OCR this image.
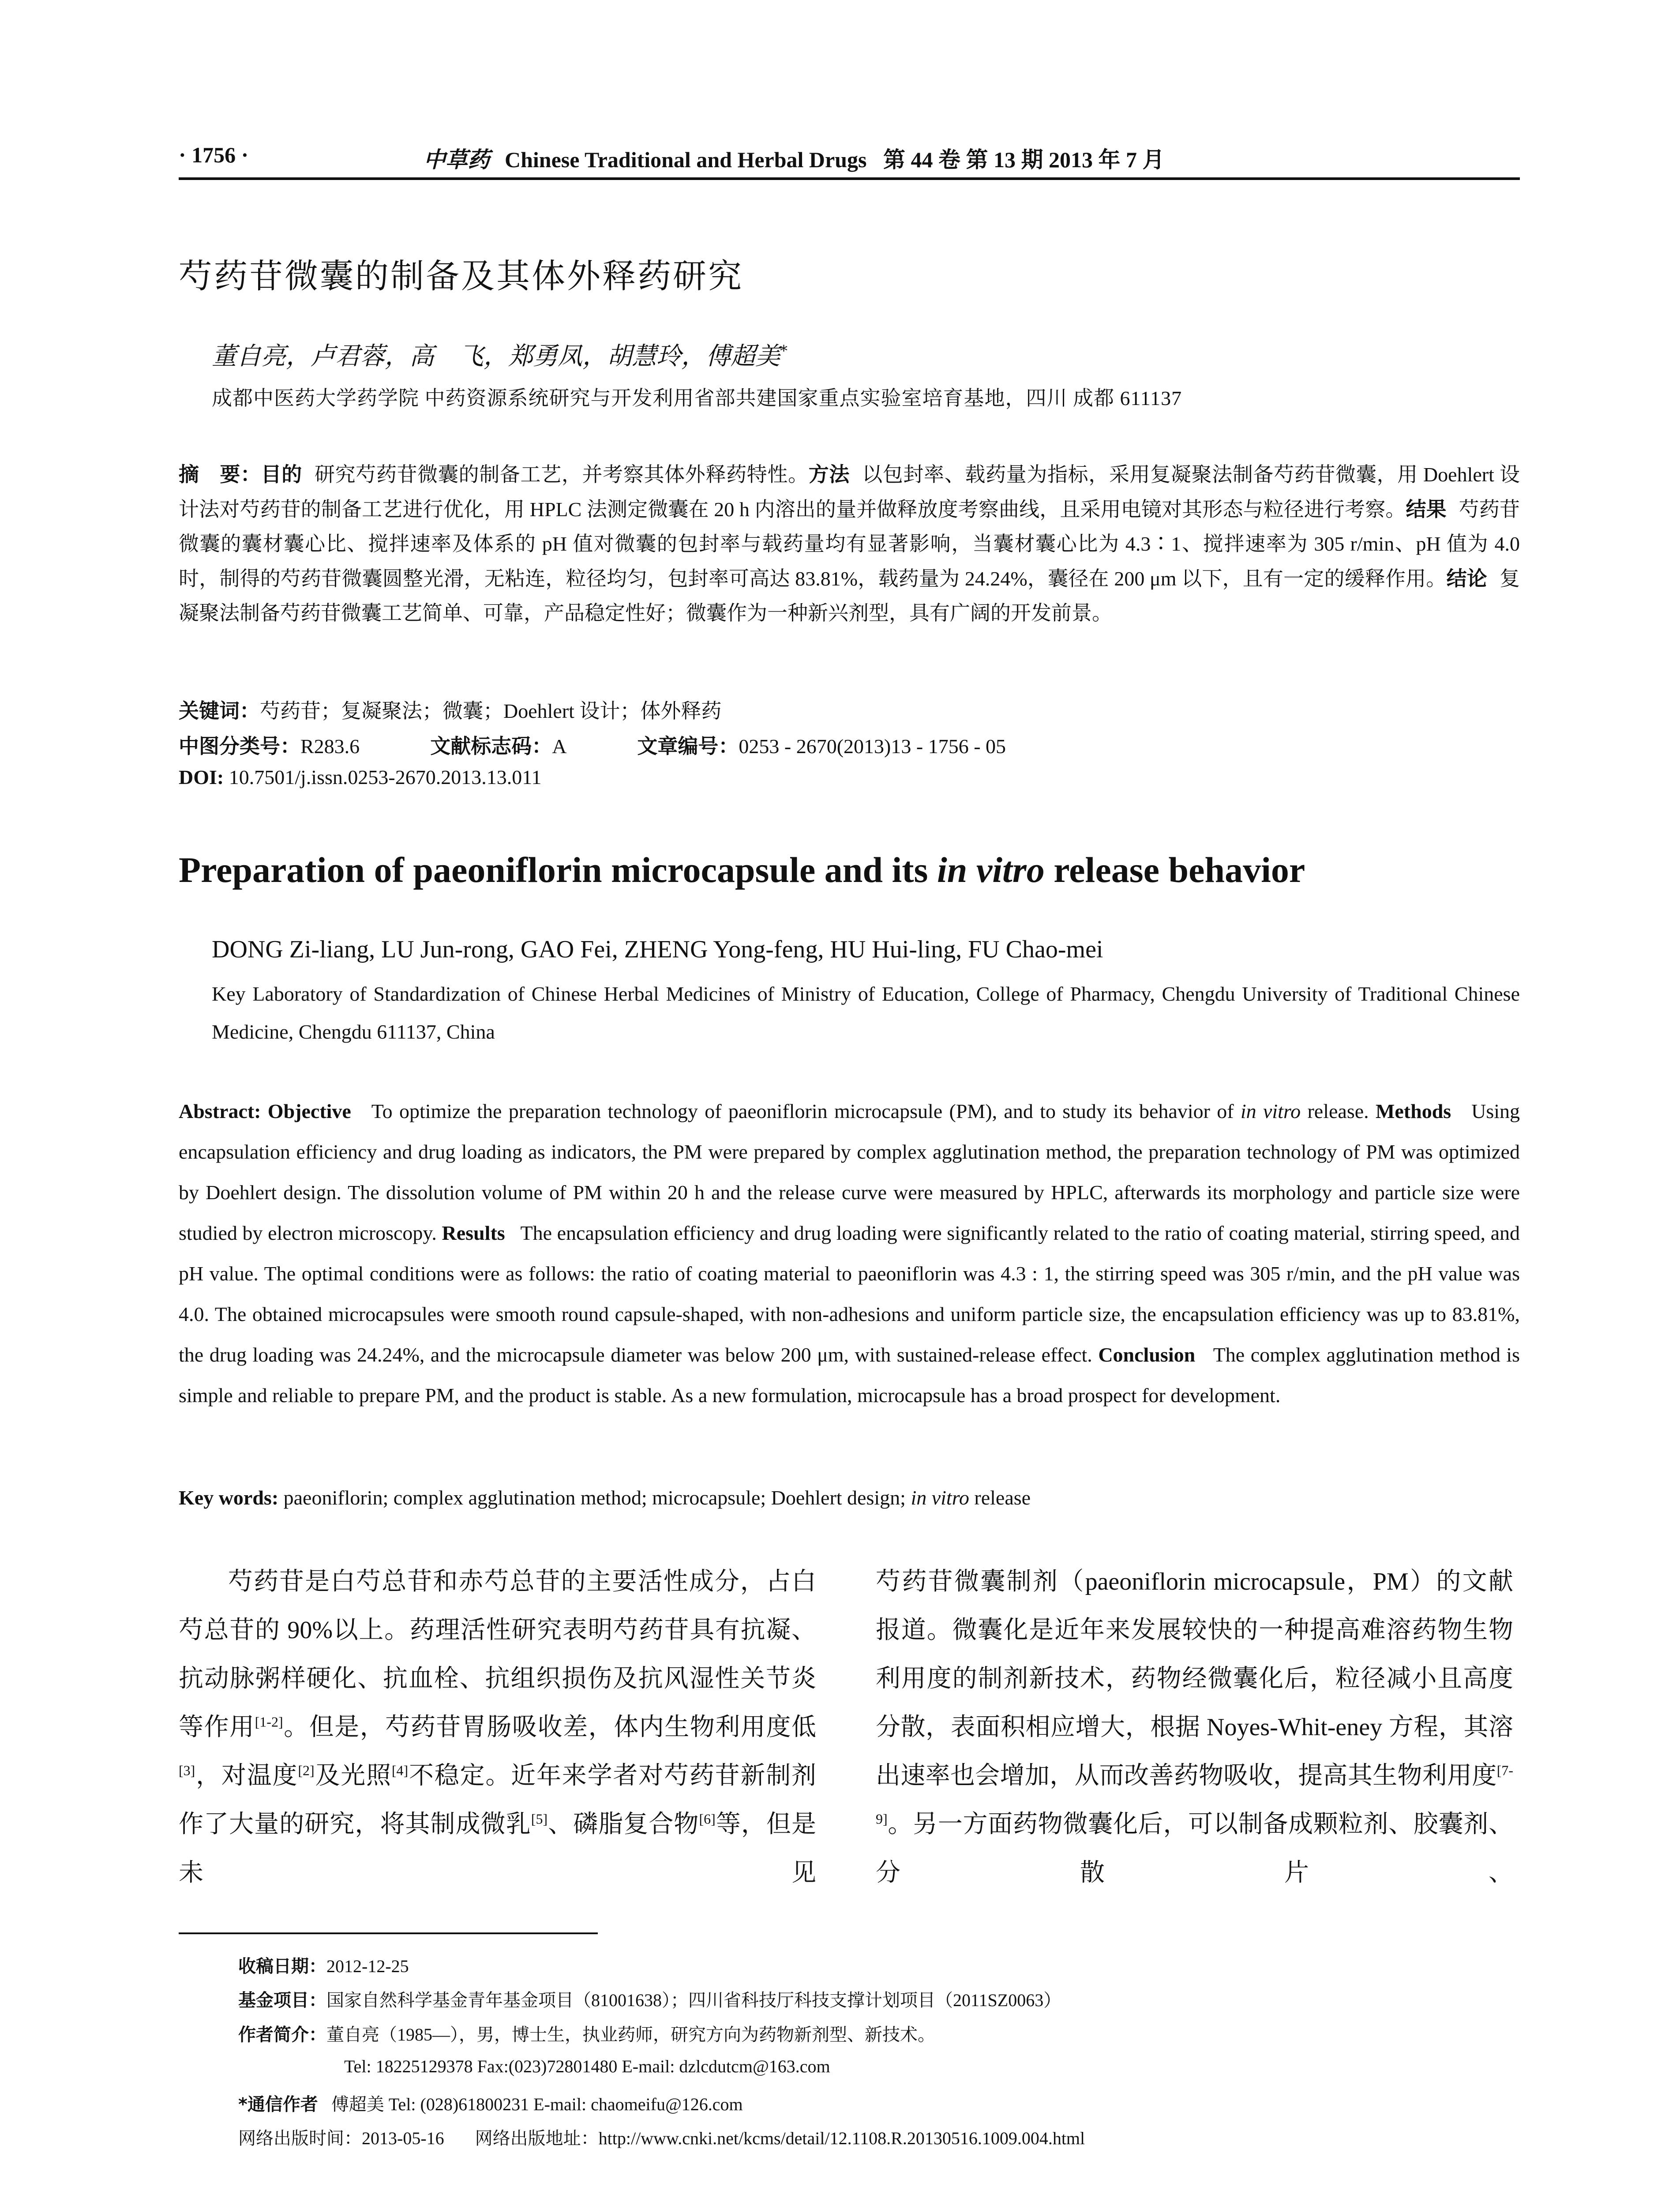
· 1756 ·	中草药 Chinese Traditional and Herbal Drugs 第 44 卷 第 13 期 2013 年 7 月
芍药苷微囊的制备及其体外释药研究
董自亮，卢君蓉，高　飞，郑勇凤，胡慧玲，傅超美*
成都中医药大学药学院 中药资源系统研究与开发利用省部共建国家重点实验室培育基地，四川 成都 611137

摘　要：目的 研究芍药苷微囊的制备工艺，并考察其体外释药特性。方法 以包封率、载药量为指标，采用复凝聚法制备芍药苷微囊，用 Doehlert 设计法对芍药苷的制备工艺进行优化，用 HPLC 法测定微囊在 20 h 内溶出的量并做释放度考察曲线，且采用电镜对其形态与粒径进行考察。结果 芍药苷微囊的囊材囊心比、搅拌速率及体系的 pH 值对微囊的包封率与载药量均有显著影响，当囊材囊心比为 4.3∶1、搅拌速率为 305 r/min、pH 值为 4.0 时，制得的芍药苷微囊圆整光滑，无粘连，粒径均匀，包封率可高达 83.81%，载药量为 24.24%，囊径在 200 μm 以下，且有一定的缓释作用。结论 复凝聚法制备芍药苷微囊工艺简单、可靠，产品稳定性好；微囊作为一种新兴剂型，具有广阔的开发前景。

关键词：芍药苷；复凝聚法；微囊；Doehlert 设计；体外释药
中图分类号：R283.6	文献标志码：A	文章编号：0253 - 2670(2013)13 - 1756 - 05
DOI: 10.7501/j.issn.0253-2670.2013.13.011
Preparation of paeoniflorin microcapsule and its in vitro release behavior
DONG Zi-liang, LU Jun-rong, GAO Fei, ZHENG Yong-feng, HU Hui-ling, FU Chao-mei
Key Laboratory of Standardization of Chinese Herbal Medicines of Ministry of Education, College of Pharmacy, Chengdu University of Traditional Chinese Medicine, Chengdu 611137, China

Abstract: Objective To optimize the preparation technology of paeoniflorin microcapsule (PM), and to study its behavior of in vitro release. Methods Using encapsulation efficiency and drug loading as indicators, the PM were prepared by complex agglutination method, the preparation technology of PM was optimized by Doehlert design. The dissolution volume of PM within 20 h and the release curve were measured by HPLC, afterwards its morphology and particle size were studied by electron microscopy. Results The encapsulation efficiency and drug loading were significantly related to the ratio of coating material, stirring speed, and pH value. The optimal conditions were as follows: the ratio of coating material to paeoniflorin was 4.3 : 1, the stirring speed was 305 r/min, and the pH value was 4.0. The obtained microcapsules were smooth round capsule-shaped, with non-adhesions and uniform particle size, the encapsulation efficiency was up to 83.81%, the drug loading was 24.24%, and the microcapsule diameter was below 200 μm, with sustained-release effect. Conclusion The complex agglutination method is simple and reliable to prepare PM, and the product is stable. As a new formulation, microcapsule has a broad prospect for development.

Key words: paeoniflorin; complex agglutination method; microcapsule; Doehlert design; in vitro release

芍药苷是白芍总苷和赤芍总苷的主要活性成分，占白芍总苷的 90%以上。药理活性研究表明芍药苷具有抗凝、抗动脉粥样硬化、抗血栓、抗组织损伤及抗风湿性关节炎等作用[1-2]。但是，芍药苷胃肠吸收差，体内生物利用度低[3]，对温度[2]及光照[4]不稳定。近年来学者对芍药苷新制剂作了大量的研究，将其制成微乳[5]、磷脂复合物[6]等，但是未见

芍药苷微囊制剂（paeoniflorin microcapsule，PM）的文献报道。微囊化是近年来发展较快的一种提高难溶药物生物利用度的制剂新技术，药物经微囊化后，粒径减小且高度分散，表面积相应增大，根据 Noyes-Whit-eney 方程，其溶出速率也会增加，从而改善药物吸收，提高其生物利用度[7-9]。另一方面药物微囊化后，可以制备成颗粒剂、胶囊剂、分散片、

收稿日期：2012-12-25
基金项目：国家自然科学基金青年基金项目（81001638）；四川省科技厅科技支撑计划项目（2011SZ0063）
作者简介：董自亮（1985—），男，博士生，执业药师，研究方向为药物新剂型、新技术。
Tel: 18225129378 Fax:(023)72801480 E-mail: dzlcdutcm@163.com
*通信作者 傅超美 Tel: (028)61800231 E-mail: chaomeifu@126.com
网络出版时间：2013-05-16 网络出版地址：http://www.cnki.net/kcms/detail/12.1108.R.20130516.1009.004.html
